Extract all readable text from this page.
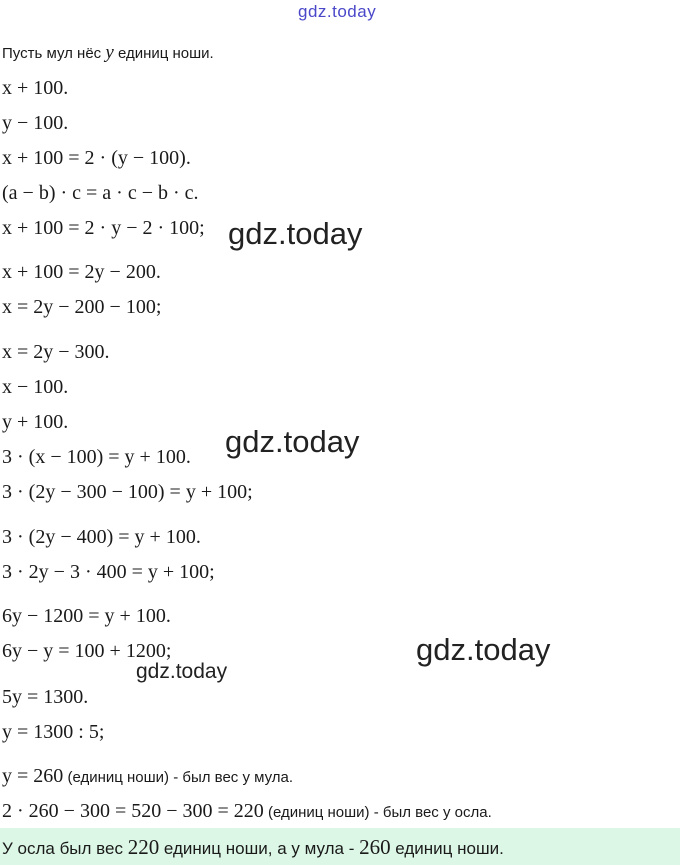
gdz.today
Пусть мул нёс y единиц ноши.
x + 100.
y − 100.
x + 100 = 2 · (y − 100).
(a − b) · c = a · c − b · c.
x + 100 = 2 · y − 2 · 100;
x + 100 = 2y − 200.
x = 2y − 200 − 100;
x = 2y − 300.
x − 100.
y + 100.
3 · (x − 100) = y + 100.
3 · (2y − 300 − 100) = y + 100;
3 · (2y − 400) = y + 100.
3 · 2y − 3 · 400 = y + 100;
6y − 1200 = y + 100.
6y − y = 100 + 1200;
5y = 1300.
y = 1300 : 5;
y = 260 (единиц ноши) - был вес у мула.
2 · 260 − 300 = 520 − 300 = 220 (единиц ноши) - был вес у осла.
gdz.today
gdz.today
gdz.today
gdz.today
У осла был вес 220 единиц ноши, а у мула - 260 единиц ноши.
